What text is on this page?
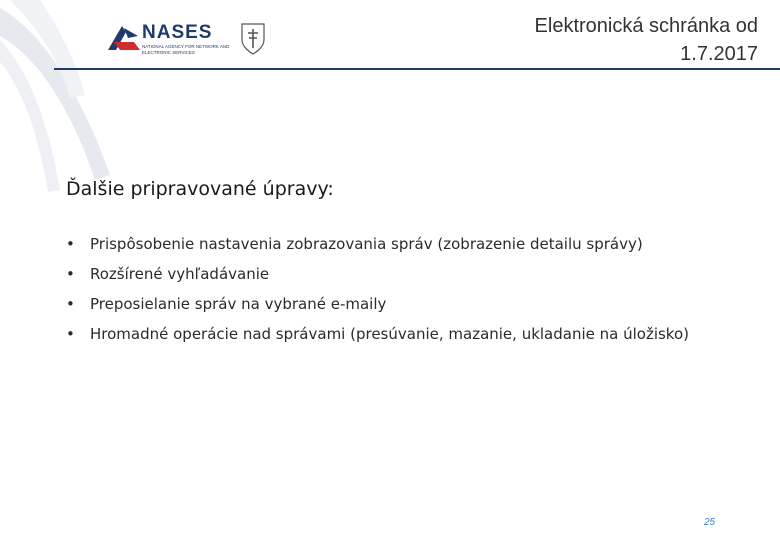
NASES
NATIONAL AGENCY FOR NETWORK AND
ELECTRONIC SERVICES
Elektronická schránka od
1.7.2017
Ďalšie pripravované úpravy:
• Prispôsobenie nastavenia zobrazovania správ (zobrazenie detailu správy)
• Rozšírené vyhľadávanie
• Preposielanie správ na vybrané e-maily
• Hromadné operácie nad správami (presúvanie, mazanie, ukladanie na úložisko)
25
